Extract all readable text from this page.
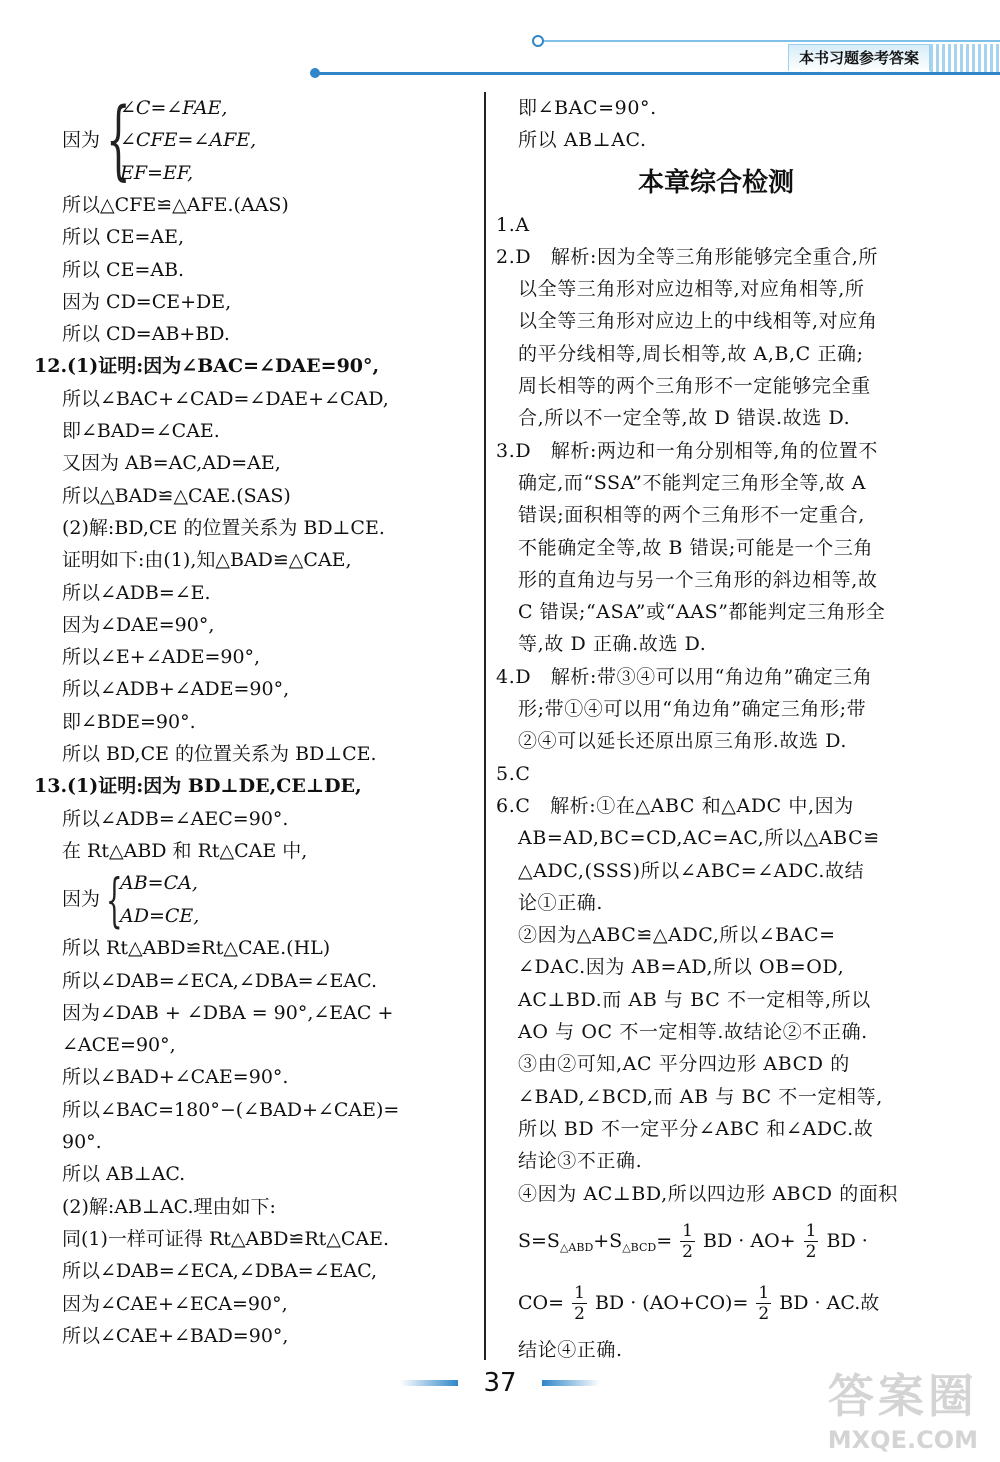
本书习题参考答案
因为 {
∠C=∠FAE,
∠CFE=∠AFE,
EF=EF,
所以△CFE≌△AFE.(AAS)
所以 CE=AE,
所以 CE=AB.
因为 CD=CE+DE,
所以 CD=AB+BD.
12.(1)证明:因为∠BAC=∠DAE=90°,
所以∠BAC+∠CAD=∠DAE+∠CAD,
即∠BAD=∠CAE.
又因为 AB=AC,AD=AE,
所以△BAD≌△CAE.(SAS)
(2)解:BD,CE 的位置关系为 BD⊥CE.
证明如下:由(1),知△BAD≌△CAE,
所以∠ADB=∠E.
因为∠DAE=90°,
所以∠E+∠ADE=90°,
所以∠ADB+∠ADE=90°,
即∠BDE=90°.
所以 BD,CE 的位置关系为 BD⊥CE.
13.(1)证明:因为 BD⊥DE,CE⊥DE,
所以∠ADB=∠AEC=90°.
在 Rt△ABD 和 Rt△CAE 中,
因为 {
AB=CA,
AD=CE,
所以 Rt△ABD≌Rt△CAE.(HL)
所以∠DAB=∠ECA,∠DBA=∠EAC.
因为∠DAB + ∠DBA = 90°,∠EAC +
∠ACE=90°,
所以∠BAD+∠CAE=90°.
所以∠BAC=180°−(∠BAD+∠CAE)=
90°.
所以 AB⊥AC.
(2)解:AB⊥AC.理由如下:
同(1)一样可证得 Rt△ABD≌Rt△CAE.
所以∠DAB=∠ECA,∠DBA=∠EAC,
因为∠CAE+∠ECA=90°,
所以∠CAE+∠BAD=90°,
即∠BAC=90°.
所以 AB⊥AC.
本章综合检测
1.A
2.D　解析:因为全等三角形能够完全重合,所
以全等三角形对应边相等,对应角相等,所
以全等三角形对应边上的中线相等,对应角
的平分线相等,周长相等,故 A,B,C 正确;
周长相等的两个三角形不一定能够完全重
合,所以不一定全等,故 D 错误.故选 D.
3.D　解析:两边和一角分别相等,角的位置不
确定,而“SSA”不能判定三角形全等,故 A
错误;面积相等的两个三角形不一定重合,
不能确定全等,故 B 错误;可能是一个三角
形的直角边与另一个三角形的斜边相等,故
C 错误;“ASA”或“AAS”都能判定三角形全
等,故 D 正确.故选 D.
4.D　解析:带③④可以用“角边角”确定三角
形;带①④可以用“角边角”确定三角形;带
②④可以延长还原出原三角形.故选 D.
5.C
6.C　解析:①在△ABC 和△ADC 中,因为
AB=AD,BC=CD,AC=AC,所以△ABC≌
△ADC,(SSS)所以∠ABC=∠ADC.故结
论①正确.
②因为△ABC≌△ADC,所以∠BAC=
∠DAC.因为 AB=AD,所以 OB=OD,
AC⊥BD.而 AB 与 BC 不一定相等,所以
AO 与 OC 不一定相等.故结论②不正确.
③由②可知,AC 平分四边形 ABCD 的
∠BAD,∠BCD,而 AB 与 BC 不一定相等,
所以 BD 不一定平分∠ABC 和∠ADC.故
结论③不正确.
④因为 AC⊥BD,所以四边形 ABCD 的面积
$S=S_{\triangle ABD}+S_{\triangle BCD}= \frac{1}{2}$ BD · $AO+ \frac{1}{2}$ BD ·
$CO= \frac{1}{2}$ BD · $(AO+CO)= \frac{1}{2}$ BD · AC.故
结论④正确.
37	答案圈
MXQE.COM
